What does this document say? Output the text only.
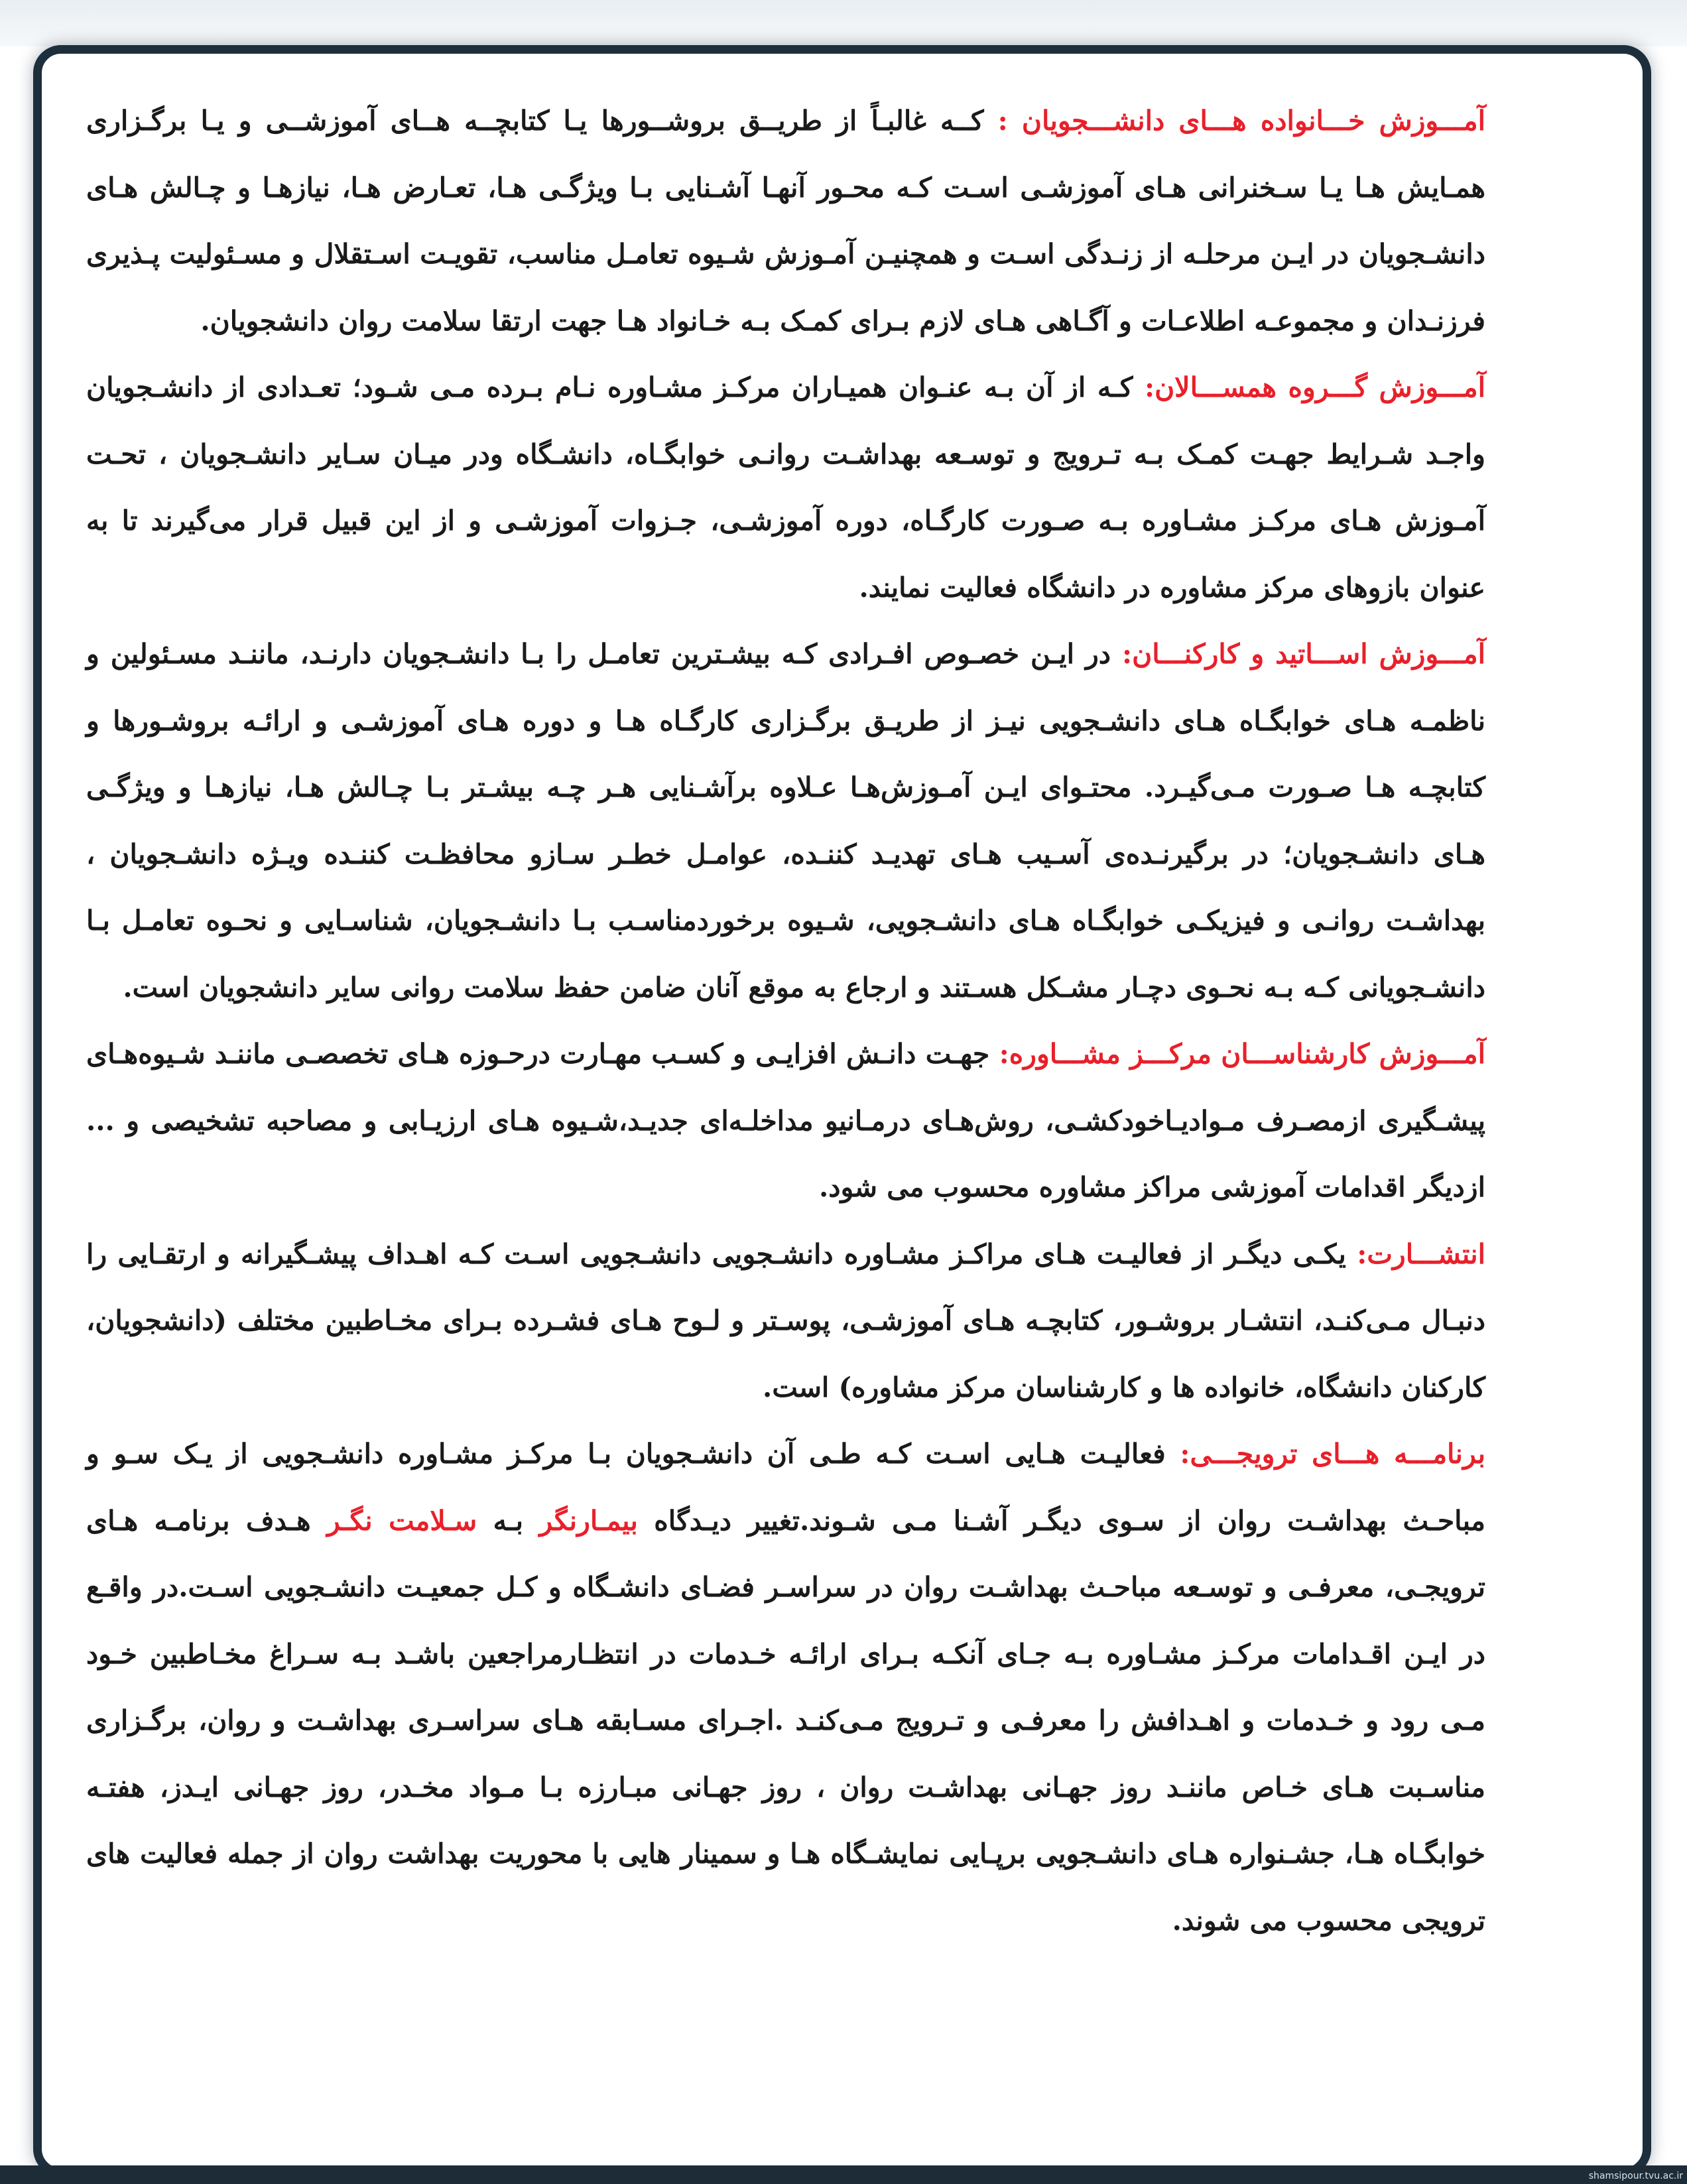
آمـــوزش خـــانواده هـــای دانشـــجویان : کــه غالبـاً از طریــق بروشــورها یـا کتابچــه هــای آموزشــی و یـا برگـزاری همـایش هـا یـا سـخنرانی هـای آموزشـی اسـت کـه محـور آنهـا آشـنایی بـا ویژگـی هـا، تعـارض هـا، نیازهـا و چـالش هـای دانشـجویان در ایـن مرحلـه از زنـدگی اسـت و همچنیـن آمـوزش شـیوه تعامـل مناسب، تقویـت اسـتقلال و مسـئولیت پـذیری فرزنـدان و مجموعـه اطلاعـات و آگـاهی هـای لازم بـرای کمـک بـه خـانواد هـا جهت ارتقا سلامت روان دانشجویان.

آمـــوزش گـــروه همســـالان: کـه از آن بـه عنـوان همیـاران مرکـز مشـاوره نـام بـرده مـی شـود؛ تعـدادی از دانشـجویان واجـد شـرایط جهـت کمـک بـه تـرویج و توسـعه بهداشـت روانـی خوابگـاه، دانشـگاه ودر میـان سـایر دانشـجویان ، تحـت آمـوزش هـای مرکـز مشـاوره بـه صـورت کارگـاه، دوره آموزشـی، جـزوات آموزشـی و از این قبیل قرار می‌گیرند تا به عنوان بازوهای مرکز مشاوره در دانشگاه فعالیت نمایند.

آمـــوزش اســـاتید و کارکنـــان: در ایـن خصـوص افـرادی کـه بیشـترین تعامـل را بـا دانشـجویان دارنـد، ماننـد مسـئولین و ناظمـه هـای خوابگـاه هـای دانشـجویی نیـز از طریـق برگـزاری کارگـاه هـا و دوره هـای آموزشـی و ارائـه بروشـورها و کتابچـه هـا صـورت مـی‌گیـرد. محتـوای ایـن آمـوزش‌هـا عـلاوه برآشـنایی هـر چـه بیشـتر بـا چـالش هـا، نیازهـا و ویژگـی هـای دانشـجویان؛ در برگیرنـده‌ی آسـیب هـای تهدیـد کننـده، عوامـل خطـر سـازو محافظـت کننـده ویـژه دانشـجویان ، بهداشـت روانـی و فیزیکـی خوابگـاه هـای دانشـجویی، شـیوه برخوردمناسـب بـا دانشـجویان، شناسـایی و نحـوه تعامـل بـا دانشـجویانی کـه بـه نحـوی دچـار مشـکل هسـتند و ارجاع به موقع آنان ضامن حفظ سلامت روانی سایر دانشجویان است.

آمـــوزش کارشناســـان مرکـــز مشـــاوره: جهـت دانـش افزایـی و کسـب مهـارت درحـوزه هـای تخصصـی ماننـد شـیوه‌هـای پیشـگیری ازمصـرف مـوادیـاخودکشـی، روش‌هـای درمـانیو مداخلـه‌ای جدیـد،شـیوه هـای ارزیـابی و مصاحبه تشخیصی و ... ازدیگر اقدامات آموزشی مراکز مشاوره محسوب می شود.

انتشـــارت: یکـی دیگـر از فعالیـت هـای مراکـز مشـاوره دانشـجویی دانشـجویی اسـت کـه اهـداف پیشـگیرانه و ارتقـایی را دنبـال مـی‌کنـد، انتشـار بروشـور، کتابچـه هـای آموزشـی، پوسـتر و لـوح هـای فشـرده بـرای مخـاطبین مختلف (دانشجویان، کارکنان دانشگاه، خانواده ها و کارشناسان مرکز مشاوره) است.

برنامـــه هـــای ترویجـــی: فعالیـت هـایی اسـت کـه طـی آن دانشـجویان بـا مرکـز مشـاوره دانشـجویی از یـک سـو و مباحـث بهداشـت روان از سـوی دیگـر آشـنا مـی شـوند.تغییر دیـدگاه بیمـارنگر بـه سـلامت نگـر هـدف برنامـه هـای ترویجـی، معرفـی و توسـعه مباحـث بهداشـت روان در سراسـر فضـای دانشـگاه و کـل جمعیـت دانشـجویی اسـت.در واقـع در ایـن اقـدامات مرکـز مشـاوره بـه جـای آنکـه بـرای ارائـه خـدمات در انتظـارمراجعین باشـد بـه سـراغ مخـاطبین خـود مـی رود و خـدمات و اهـدافش را معرفـی و تـرویج مـی‌کنـد .اجـرای مسـابقه هـای سراسـری بهداشـت و روان، برگـزاری مناسـبت هـای خـاص ماننـد روز جهـانی بهداشـت روان ، روز جهـانی مبـارزه بـا مـواد مخـدر، روز جهـانی ایـدز، هفتـه خوابگـاه هـا، جشـنواره هـای دانشـجویی برپـایی نمایشـگاه هـا و سمینار هایی با محوریت بهداشت روان از جمله فعالیت های ترویجی محسوب می شوند.

shamsipour.tvu.ac.ir
